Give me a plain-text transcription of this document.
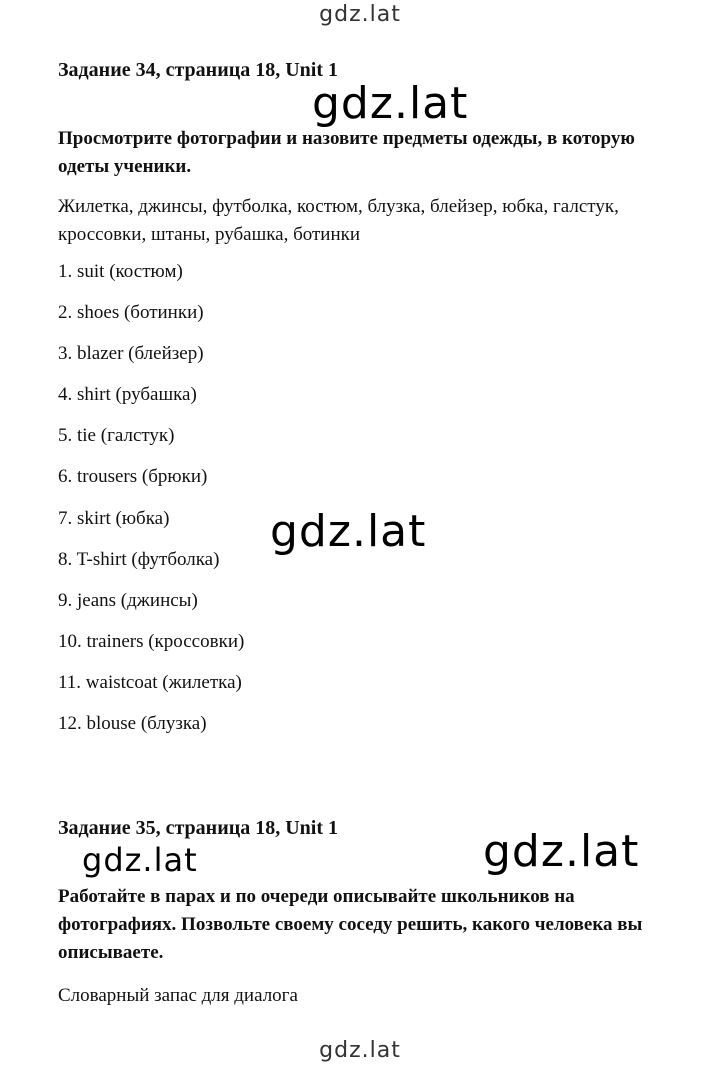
gdz.lat
Задание 34, страница 18, Unit 1
gdz.lat

Просмотрите фотографии и назовите предметы одежды, в которую одеты ученики.

Жилетка, джинсы, футболка, костюм, блузка, блейзер, юбка, галстук, кроссовки, штаны, рубашка, ботинки

1. suit (костюм)
2. shoes (ботинки)
3. blazer (блейзер)
4. shirt (рубашка)
5. tie (галстук)
6. trousers (брюки)
7. skirt (юбка)
8. T-shirt (футболка)
9. jeans (джинсы)
10. trainers (кроссовки)
11. waistcoat (жилетка)
12. blouse (блузка)
gdz.lat
Задание 35, страница 18, Unit 1
gdz.lat	gdz.lat

Работайте в парах и по очереди описывайте школьников на фотографиях. Позвольте своему соседу решить, какого человека вы описываете.

Словарный запас для диалога

gdz.lat
